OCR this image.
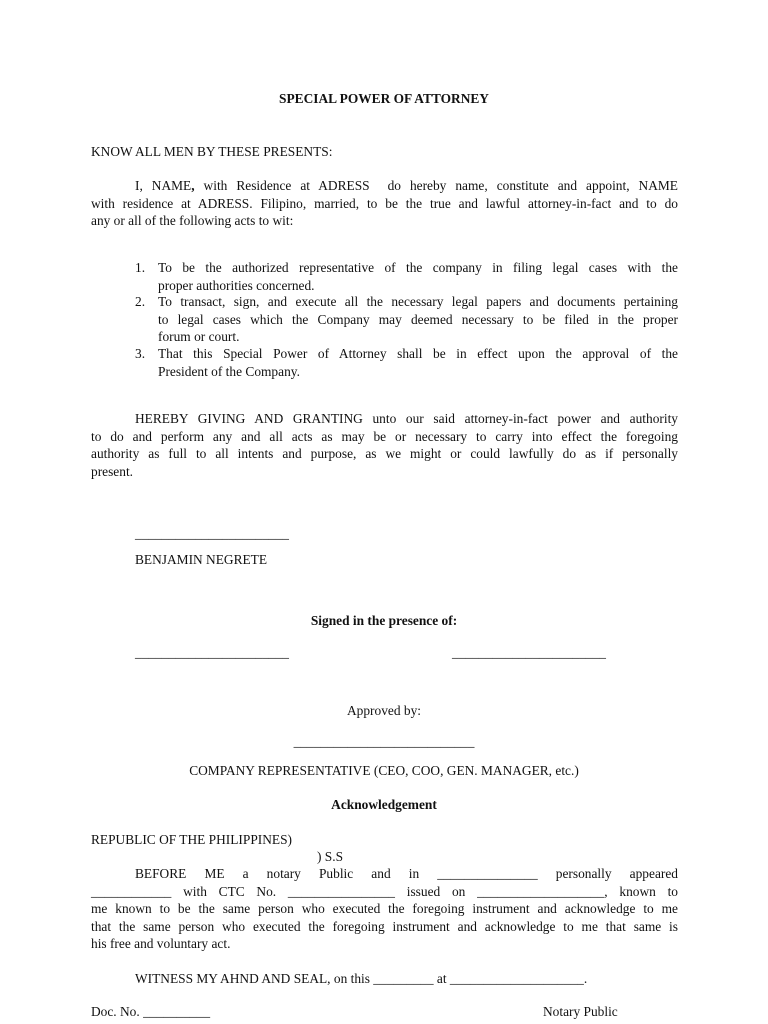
SPECIAL POWER OF ATTORNEY
KNOW ALL MEN BY THESE PRESENTS:
I, NAME, with Residence at ADRESS  do hereby name, constitute and appoint, NAME
with residence at ADRESS. Filipino, married, to be the true and lawful attorney-in-fact and to do
any or all of the following acts to wit:
1. To be the authorized representative of the company in filing legal cases with the
proper authorities concerned.
2. To transact, sign, and execute all the necessary legal papers and documents pertaining
to legal cases which the Company may deemed necessary to be filed in the proper
forum or court.
3. That this Special Power of Attorney shall be in effect upon the approval of the
President of the Company.
HEREBY GIVING AND GRANTING unto our said attorney-in-fact power and authority
to do and perform any and all acts as may be or necessary to carry into effect the foregoing
authority as full to all intents and purpose, as we might or could lawfully do as if personally
present.
_______________________
BENJAMIN NEGRETE
Signed in the presence of:
_______________________	_______________________
Approved by:
___________________________
COMPANY REPRESENTATIVE (CEO, COO, GEN. MANAGER, etc.)
Acknowledgement
REPUBLIC OF THE PHILIPPINES)
) S.S
BEFORE ME a notary Public and in _______________ personally appeared
____________ with CTC No. ________________ issued on ___________________, known to
me known to be the same person who executed the foregoing instrument and acknowledge to me
that the same person who executed the foregoing instrument and acknowledge to me that same is
his free and voluntary act.
WITNESS MY AHND AND SEAL, on this _________ at ____________________.
Doc. No. __________	Notary Public
